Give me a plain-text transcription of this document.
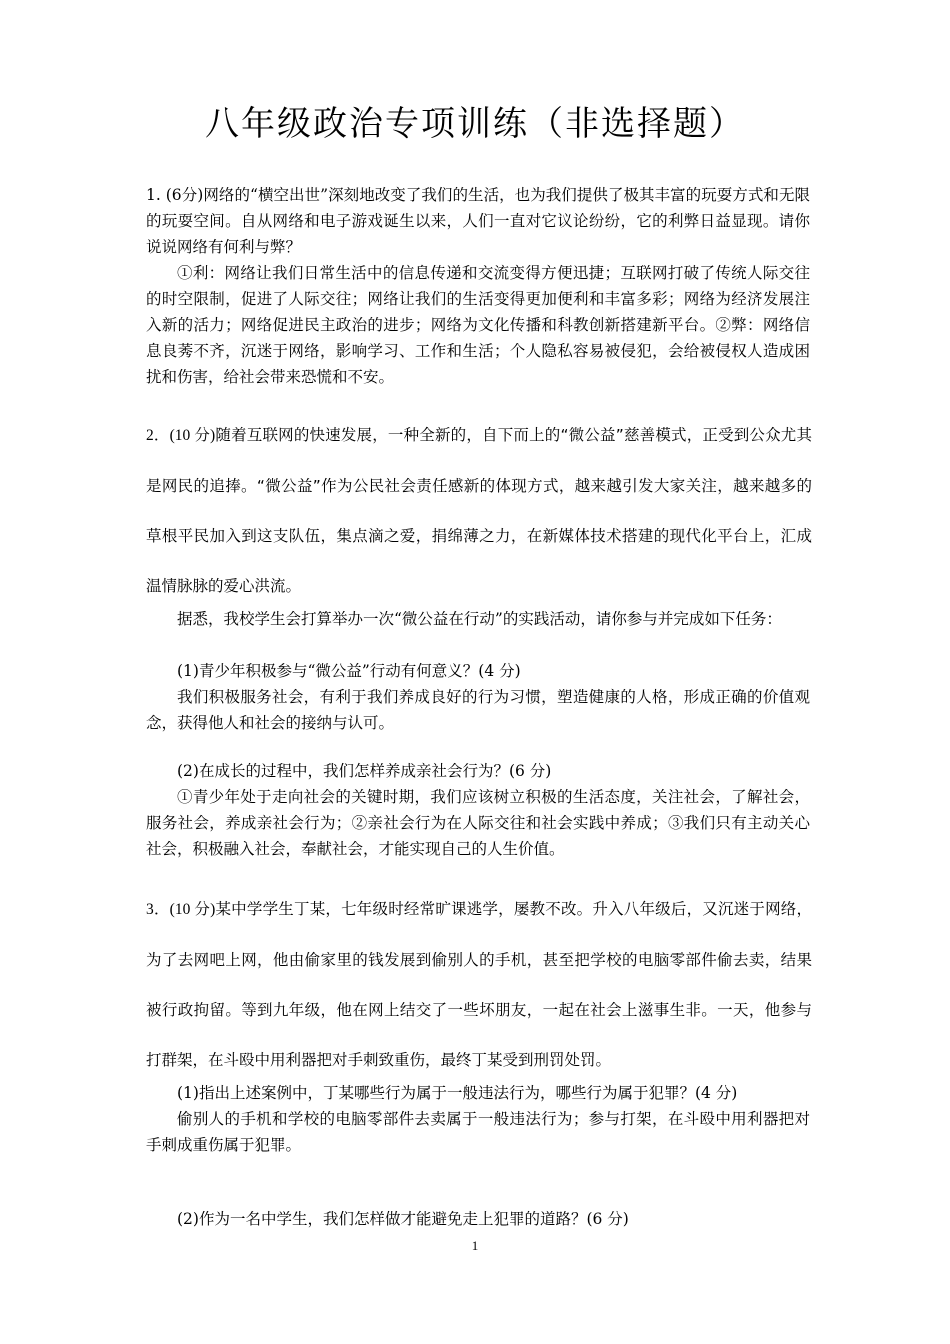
八年级政治专项训练（非选择题）
1. (6分)网络的“横空出世”深刻地改变了我们的生活，也为我们提供了极其丰富的玩耍方式和无限的玩耍空间。自从网络和电子游戏诞生以来，人们一直对它议论纷纷，它的利弊日益显现。请你说说网络有何利与弊？
①利：网络让我们日常生活中的信息传递和交流变得方便迅捷；互联网打破了传统人际交往的时空限制，促进了人际交往；网络让我们的生活变得更加便利和丰富多彩；网络为经济发展注入新的活力；网络促进民主政治的进步；网络为文化传播和科教创新搭建新平台。②弊：网络信息良莠不齐，沉迷于网络，影响学习、工作和生活；个人隐私容易被侵犯，会给被侵权人造成困扰和伤害，给社会带来恐慌和不安。
2．(10 分)随着互联网的快速发展，一种全新的，自下而上的“微公益”慈善模式，正受到公众尤其是网民的追捧。“微公益”作为公民社会责任感新的体现方式，越来越引发大家关注，越来越多的草根平民加入到这支队伍，集点滴之爱，捐绵薄之力，在新媒体技术搭建的现代化平台上，汇成温情脉脉的爱心洪流。
据悉，我校学生会打算举办一次“微公益在行动”的实践活动，请你参与并完成如下任务：
(1)青少年积极参与“微公益”行动有何意义？(4 分)
我们积极服务社会，有利于我们养成良好的行为习惯，塑造健康的人格，形成正确的价值观念，获得他人和社会的接纳与认可。
(2)在成长的过程中，我们怎样养成亲社会行为？(6 分)
①青少年处于走向社会的关键时期，我们应该树立积极的生活态度，关注社会，了解社会，服务社会，养成亲社会行为；②亲社会行为在人际交往和社会实践中养成；③我们只有主动关心社会，积极融入社会，奉献社会，才能实现自己的人生价值。
3．(10 分)某中学学生丁某，七年级时经常旷课逃学，屡教不改。升入八年级后，又沉迷于网络，为了去网吧上网，他由偷家里的钱发展到偷别人的手机，甚至把学校的电脑零部件偷去卖，结果被行政拘留。等到九年级，他在网上结交了一些坏朋友，一起在社会上滋事生非。一天，他参与打群架，在斗殴中用利器把对手刺致重伤，最终丁某受到刑罚处罚。
(1)指出上述案例中，丁某哪些行为属于一般违法行为，哪些行为属于犯罪？(4 分)
偷别人的手机和学校的电脑零部件去卖属于一般违法行为；参与打架，在斗殴中用利器把对手刺成重伤属于犯罪。
(2)作为一名中学生，我们怎样做才能避免走上犯罪的道路？(6 分)
1
